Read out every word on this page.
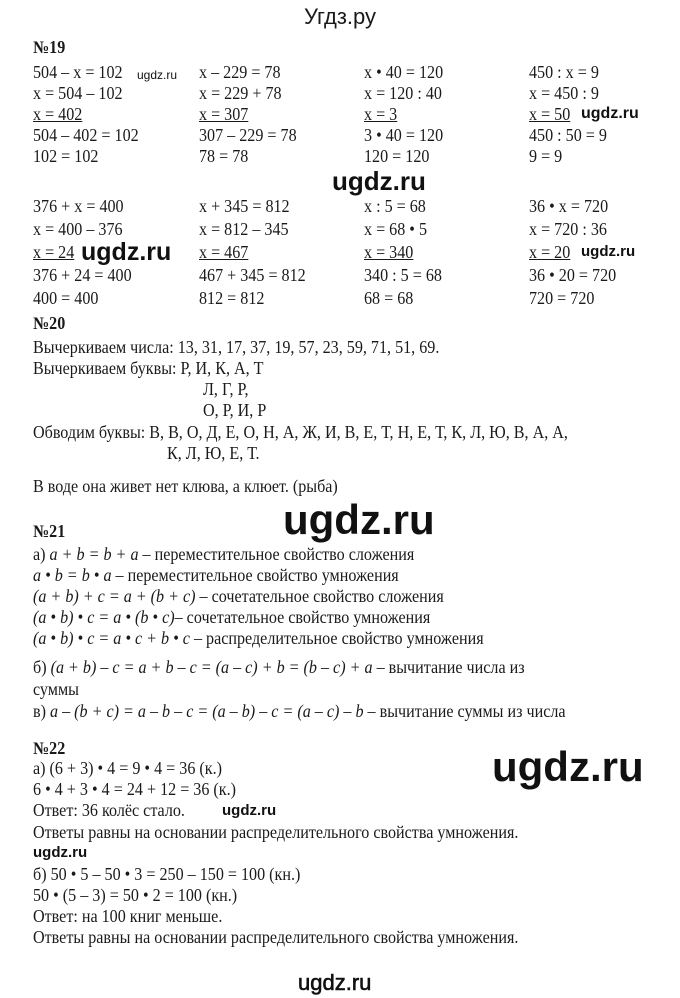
Угдз.ру
№19
504 – x = 102
x = 504 – 102
x = 402
504 – 402 = 102
102 = 102
x – 229 = 78
x = 229 + 78
x = 307
307 – 229 = 78
78 = 78
x • 40 = 120
x = 120 : 40
x = 3
3 • 40 = 120
120 = 120
450 : x = 9
x = 450 : 9
x = 50
450 : 50 = 9
9 = 9
376 + x = 400
x = 400 – 376
x = 24
376 + 24 = 400
400 = 400
x + 345 = 812
x = 812 – 345
x = 467
467 + 345 = 812
812 = 812
x : 5 = 68
x = 68 • 5
x = 340
340 : 5 = 68
68 = 68
36 • x = 720
x = 720 : 36
x = 20
36 • 20 = 720
720 = 720
ugdz.ru
ugdz.ru
ugdz.ru
ugdz.ru	ugdz.ru
№20
Вычеркиваем числа: 13, 31, 17, 37, 19, 57, 23, 59, 71, 51, 69.
Вычеркиваем буквы: Р, И, К, А, Т
Л, Г, Р,
О, Р, И, Р
Обводим буквы: В, В, О, Д, Е, О, Н, А, Ж, И, В, Е, Т, Н, Е, Т, К, Л, Ю, В, А, А,
К, Л, Ю, Е, Т.
В воде она живет нет клюва, а клюет. (рыба)
ugdz.ru
№21
а) a + b = b + a – переместительное свойство сложения
a • b = b • a – переместительное свойство умножения
(a + b) + c = a + (b + c) – сочетательное свойство сложения
(a • b) • c = a • (b • c)– сочетательное свойство умножения
(a • b) • c = a • c + b • c – распределительное свойство умножения
б) (a + b) – c = a + b – c = (a – c) + b = (b – c) + a – вычитание числа из
суммы
в) a – (b + c) = a – b – c = (a – b) – c = (a – c) – b – вычитание суммы из числа
№22
а) (6 + 3) • 4 = 9 • 4 = 36 (к.)
6 • 4 + 3 • 4 = 24 + 12 = 36 (к.)
Ответ: 36 колёс стало.
Ответы равны на основании распределительного свойства умножения.
б) 50 • 5 – 50 • 3 = 250 – 150 = 100 (кн.)
50 • (5 – 3) = 50 • 2 = 100 (кн.)
Ответ: на 100 книг меньше.
Ответы равны на основании распределительного свойства умножения.
ugdz.ru
ugdz.ru
ugdz.ru
ugdz.ru
